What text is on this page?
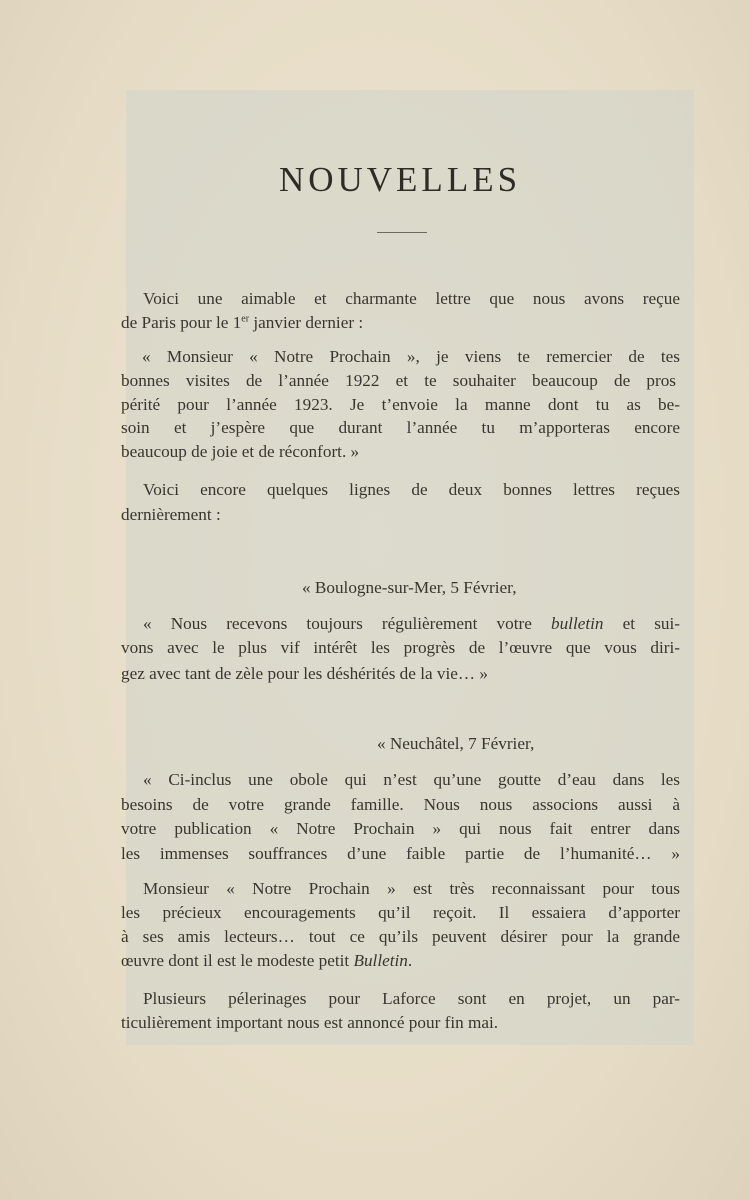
NOUVELLES

Voici une aimable et charmante lettre que nous avons reçue

de Paris pour le 1er janvier dernier :

« Monsieur « Notre Prochain », je viens te remercier de tes

bonnes visites de l’année 1922 et te souhaiter beaucoup de pros

périté pour l’année 1923. Je t’envoie la manne dont tu as be-

soin et j’espère que durant l’année tu m’apporteras encore

beaucoup de joie et de réconfort. »

Voici encore quelques lignes de deux bonnes lettres reçues

dernièrement :

« Boulogne-sur-Mer, 5 Février,

« Nous recevons toujours régulièrement votre bulletin et sui-

vons avec le plus vif intérêt les progrès de l’œuvre que vous diri-

gez avec tant de zèle pour les déshérités de la vie… »

« Neuchâtel, 7 Février,

« Ci-inclus une obole qui n’est qu’une goutte d’eau dans les

besoins de votre grande famille. Nous nous associons aussi à

votre publication « Notre Prochain » qui nous fait entrer dans

les immenses souffrances d’une faible partie de l’humanité… »

Monsieur « Notre Prochain » est très reconnaissant pour tous

les précieux encouragements qu’il reçoit. Il essaiera d’apporter

à ses amis lecteurs… tout ce qu’ils peuvent désirer pour la grande

œuvre dont il est le modeste petit Bulletin.

Plusieurs pélerinages pour Laforce sont en projet, un par-

ticulièrement important nous est annoncé pour fin mai.
